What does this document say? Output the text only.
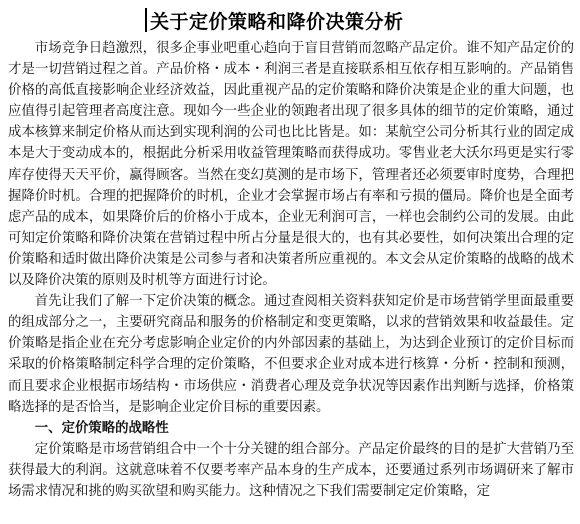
关于定价策略和降价决策分析

市场竞争日趋激烈，很多企事业吧重心趋向于盲目营销而忽略产品定价。谁不知产品定价的才是一切营销过程之首。产品价格・成本・利润三者是直接联系相互依存相互影响的。产品销售价格的高低直接影响企业经济效益，因此重视产品的定价策略和降价决策是企业的重大问题，也应值得引起管理者高度注意。现如今一些企业的领跑者出现了很多具体的细节的定价策略，通过成本核算来制定价格从而达到实现利润的公司也比比皆是。如：某航空公司分析其行业的固定成本是大于变动成本的，根据此分析采用收益管理策略而获得成功。零售业老大沃尔玛更是实行零库存使得天天平价，赢得顾客。当然在变幻莫测的是市场下，管理者还必须要审时度势，合理把握降价时机。合理的把握降价的时机，企业才会掌握市场占有率和亏损的僵局。降价也是全面考虑产品的成本，如果降价后的价格小于成本，企业无利润可言，一样也会制约公司的发展。由此可知定价策略和降价决策在营销过程中所占分量是很大的，也有其必要性，如何决策出合理的定价策略和适时做出降价决策是公司参与者和决策者所应重视的。本文会从定价策略的战略的战术以及降价决策的原则及时机等方面进行讨论。

首先让我们了解一下定价决策的概念。通过查阅相关资料获知定价是市场营销学里面最重要的组成部分之一，主要研究商品和服务的价格制定和变更策略，以求的营销效果和收益最佳。定价策略是指企业在充分考虑影响企业定价的内外部因素的基础上，为达到企业预订的定价目标而采取的价格策略制定科学合理的定价策略，不但要求企业对成本进行核算・分析・控制和预测，而且要求企业根据市场结构・市场供应・消费者心理及竞争状况等因素作出判断与选择，价格策略选择的是否恰当，是影响企业定价目标的重要因素。

一、定价策略的战略性

定价策略是市场营销组合中一个十分关键的组合部分。产品定价最终的目的是扩大营销乃至获得最大的利润。这就意味着不仅要考率产品本身的生产成本，还要通过系列市场调研来了解市场需求情况和挑的购买欲望和购买能力。这种情况之下我们需要制定定价策略，定
